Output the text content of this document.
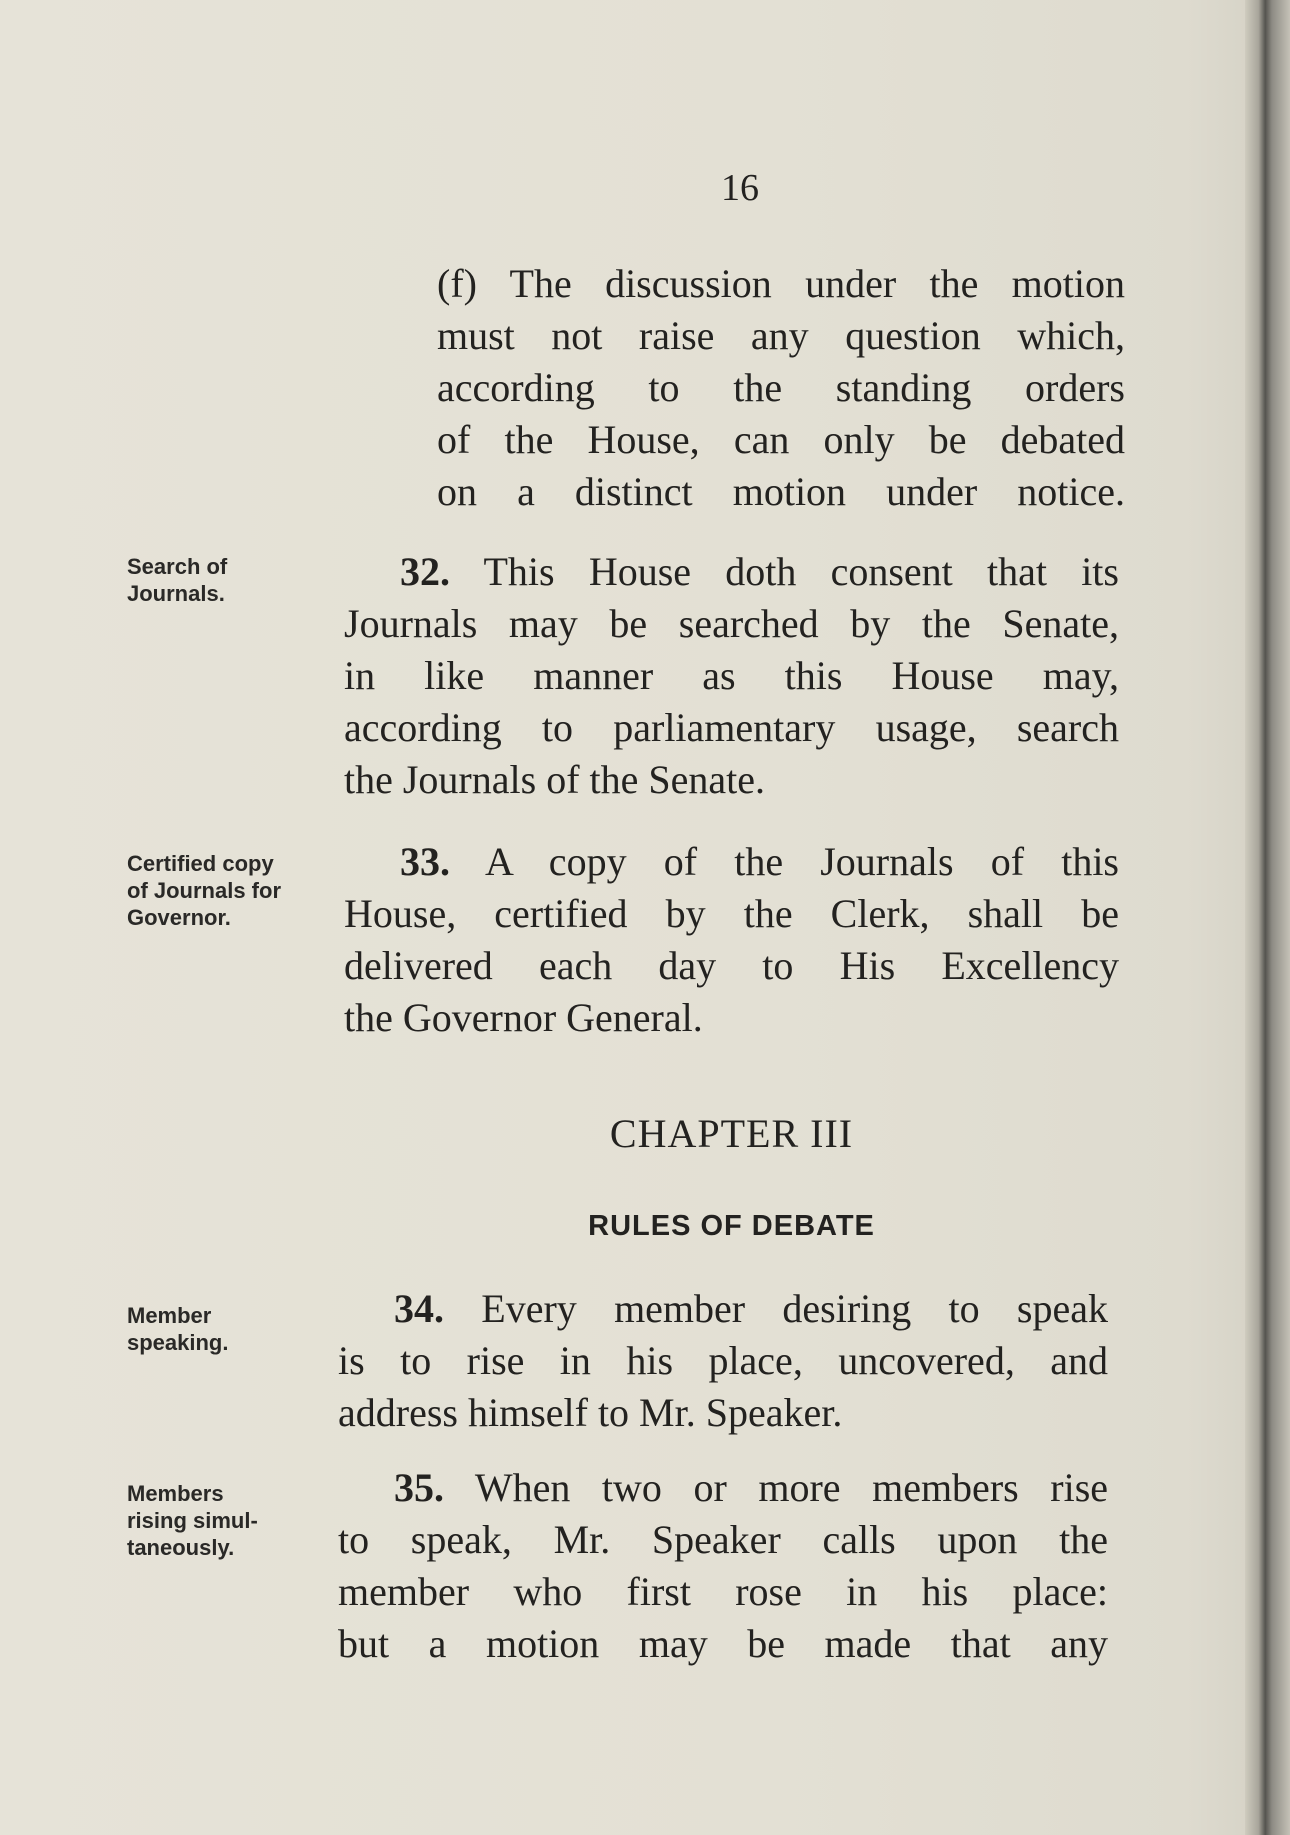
16
(f) The discussion under the motion
must not raise any question which,
according to the standing orders
of the House, can only be debated
on a distinct motion under notice.
Search of
Journals.	32. This House doth consent that its
Journals may be searched by the Senate,
in like manner as this House may,
according to parliamentary usage, search
the Journals of the Senate.
Certified copy
of Journals for
Governor.
33. A copy of the Journals of this
House, certified by the Clerk, shall be
delivered each day to His Excellency
the Governor General.
CHAPTER III
RULES OF DEBATE
Member
speaking.
34. Every member desiring to speak
is to rise in his place, uncovered, and
address himself to Mr. Speaker.
Members
rising simul-
taneously.
35. When two or more members rise
to speak, Mr. Speaker calls upon the
member who first rose in his place:
but a motion may be made that any
